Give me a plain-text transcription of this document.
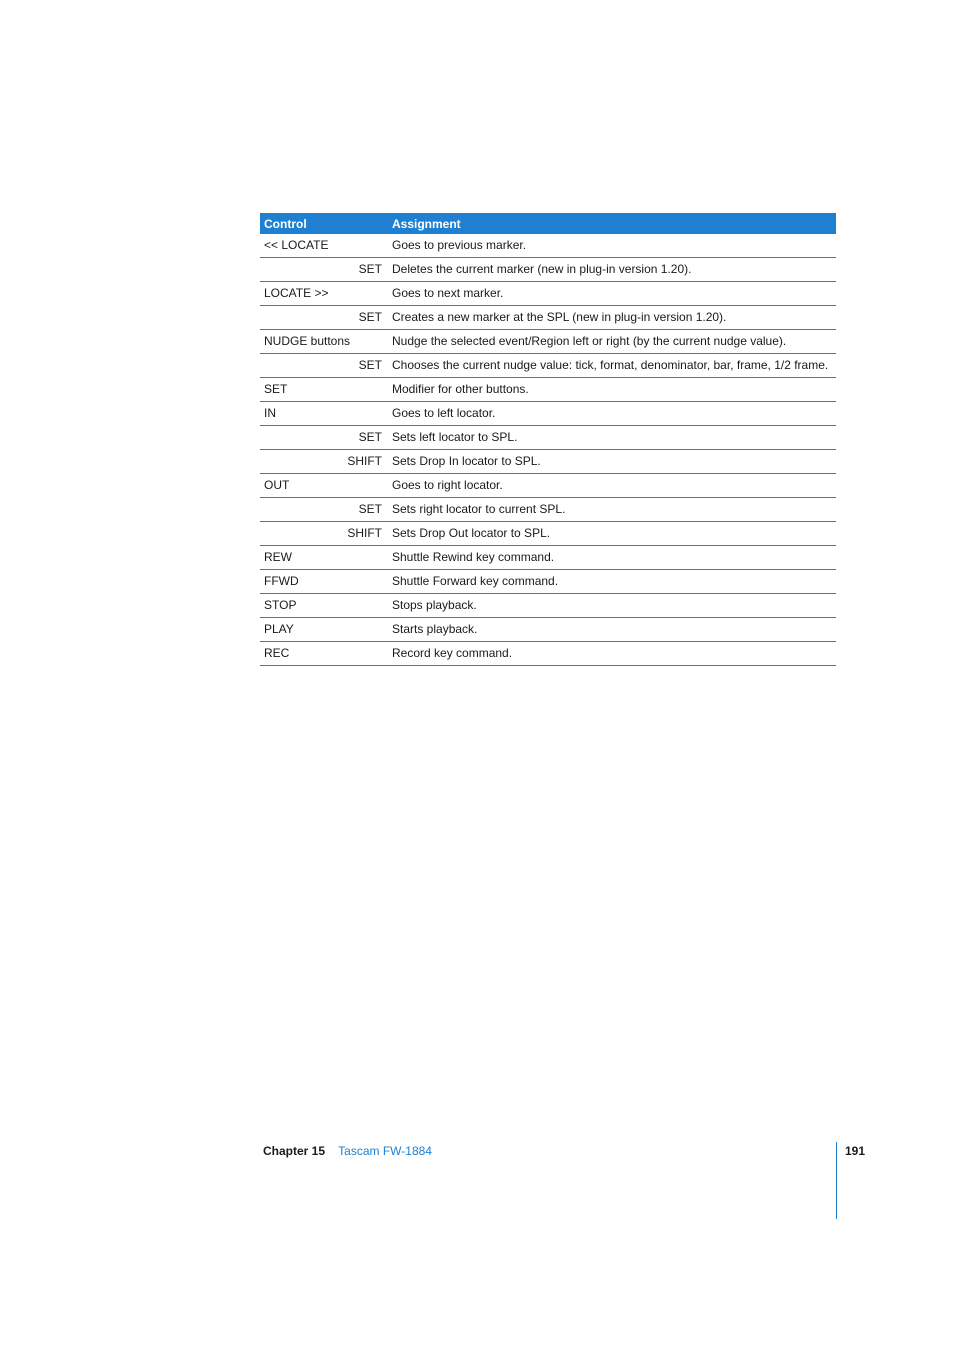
Control	Assignment
<< LOCATE	Goes to previous marker.
SET	Deletes the current marker (new in plug-in version 1.20).
LOCATE >>	Goes to next marker.
SET	Creates a new marker at the SPL (new in plug-in version 1.20).
NUDGE buttons	Nudge the selected event/Region left or right (by the current nudge value).
SET	Chooses the current nudge value: tick, format, denominator, bar, frame, 1/2 frame.
SET	Modifier for other buttons.
IN	Goes to left locator.
SET	Sets left locator to SPL.
SHIFT	Sets Drop In locator to SPL.
OUT	Goes to right locator.
SET	Sets right locator to current SPL.
SHIFT	Sets Drop Out locator to SPL.
REW	Shuttle Rewind key command.
FFWD	Shuttle Forward key command.
STOP	Stops playback.
PLAY	Starts playback.
REC	Record key command.
Chapter 15 Tascam FW-1884	191
